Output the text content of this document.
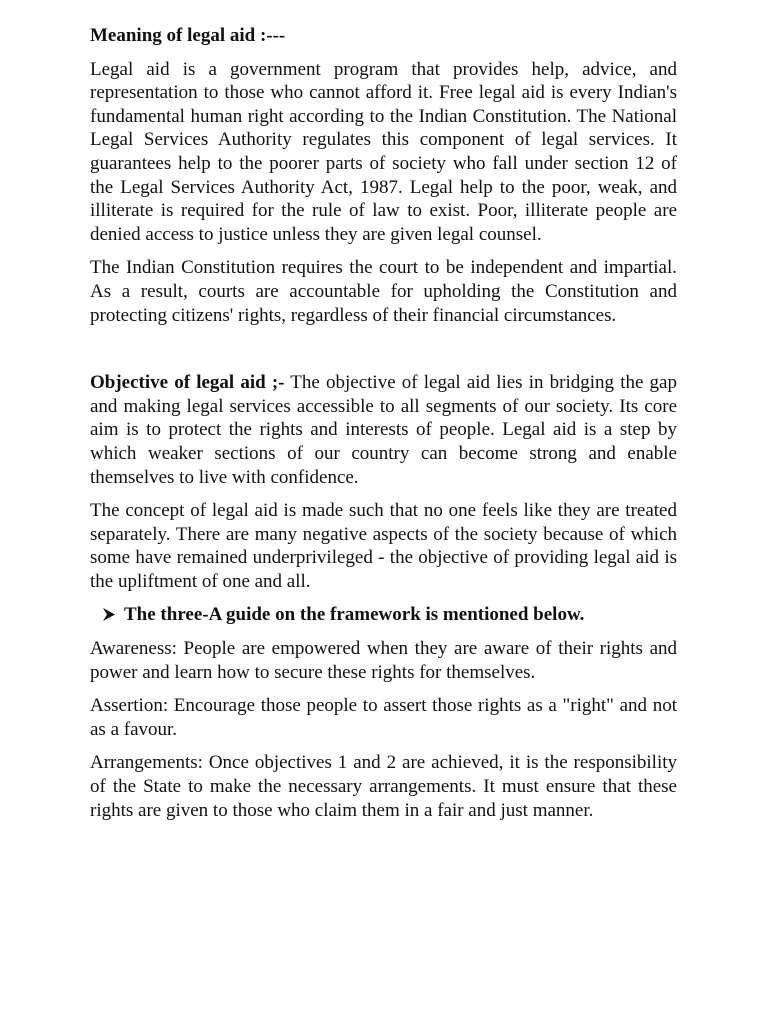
Meaning of legal aid :---

Legal aid is a government program that provides help, advice, and representation to those who cannot afford it. Free legal aid is every Indian's fundamental human right according to the Indian Constitution. The National Legal Services Authority regulates this component of legal services. It guarantees help to the poorer parts of society who fall under section 12 of the Legal Services Authority Act, 1987. Legal help to the poor, weak, and illiterate is required for the rule of law to exist. Poor, illiterate people are denied access to justice unless they are given legal counsel.

The Indian Constitution requires the court to be independent and impartial. As a result, courts are accountable for upholding the Constitution and protecting citizens' rights, regardless of their financial circumstances.

Objective of legal aid ;- The objective of legal aid lies in bridging the gap and making legal services accessible to all segments of our society. Its core aim is to protect the rights and interests of people. Legal aid is a step by which weaker sections of our country can become strong and enable themselves to live with confidence.

The concept of legal aid is made such that no one feels like they are treated separately. There are many negative aspects of the society because of which some have remained underprivileged - the objective of providing legal aid is the upliftment of one and all.

The three-A guide on the framework is mentioned below.

Awareness: People are empowered when they are aware of their rights and power and learn how to secure these rights for themselves.

Assertion: Encourage those people to assert those rights as a "right" and not as a favour.

Arrangements: Once objectives 1 and 2 are achieved, it is the responsibility of the State to make the necessary arrangements. It must ensure that these rights are given to those who claim them in a fair and just manner.
